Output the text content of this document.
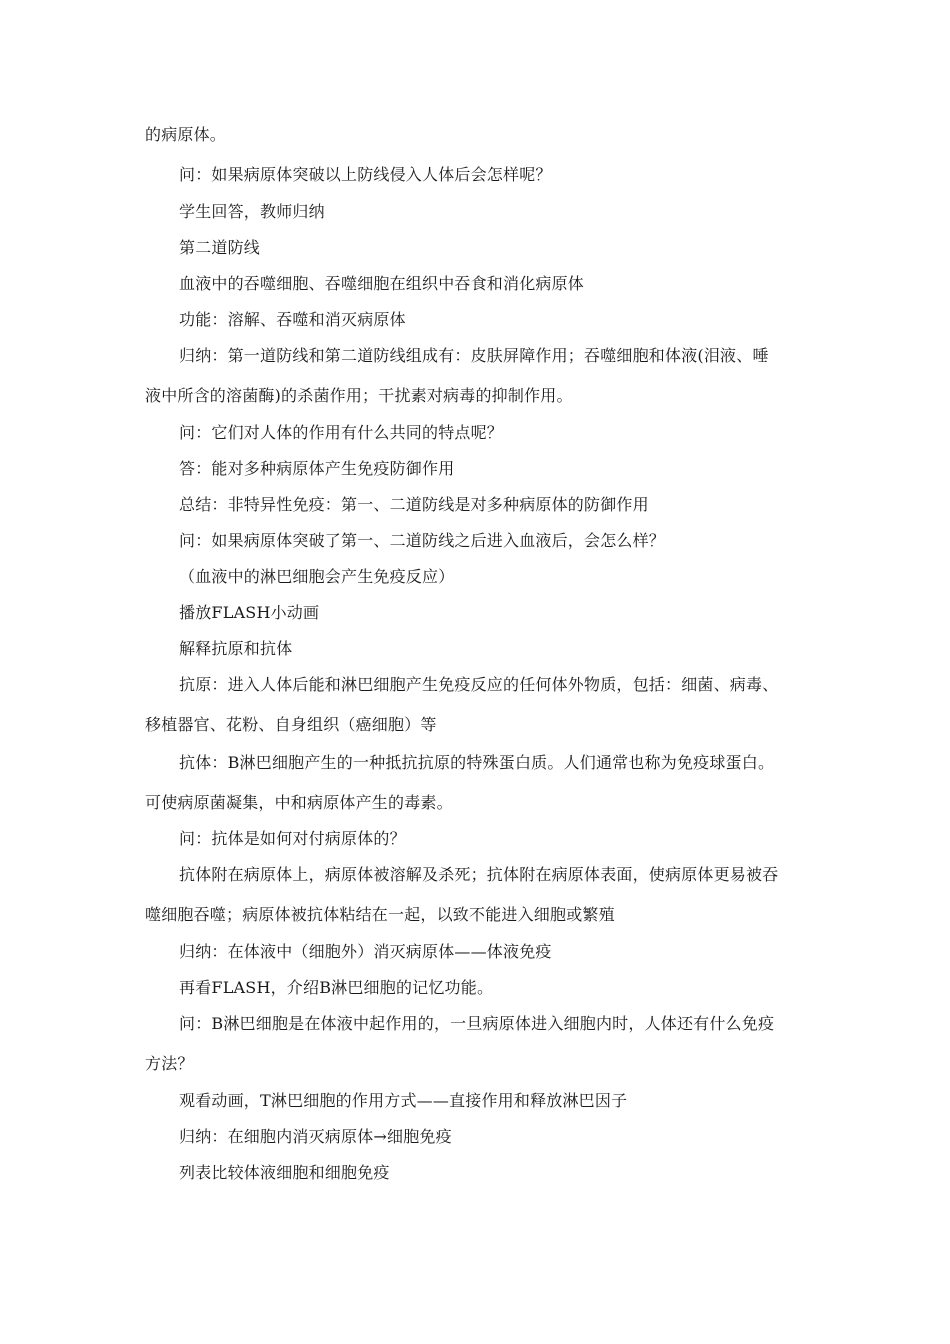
的病原体。
问：如果病原体突破以上防线侵入人体后会怎样呢？
学生回答，教师归纳
第二道防线
血液中的吞噬细胞、吞噬细胞在组织中吞食和消化病原体
功能：溶解、吞噬和消灭病原体
归纳：第一道防线和第二道防线组成有：皮肤屏障作用；吞噬细胞和体液(泪液、唾
液中所含的溶菌酶)的杀菌作用；干扰素对病毒的抑制作用。
问：它们对人体的作用有什么共同的特点呢？
答：能对多种病原体产生免疫防御作用
总结：非特异性免疫：第一、二道防线是对多种病原体的防御作用
问：如果病原体突破了第一、二道防线之后进入血液后，会怎么样？
（血液中的淋巴细胞会产生免疫反应）
播放FLASH小动画
解释抗原和抗体
抗原：进入人体后能和淋巴细胞产生免疫反应的任何体外物质，包括：细菌、病毒、
移植器官、花粉、自身组织（癌细胞）等
抗体：B淋巴细胞产生的一种抵抗抗原的特殊蛋白质。人们通常也称为免疫球蛋白。
可使病原菌凝集，中和病原体产生的毒素。
问：抗体是如何对付病原体的？
抗体附在病原体上，病原体被溶解及杀死；抗体附在病原体表面，使病原体更易被吞
噬细胞吞噬；病原体被抗体粘结在一起，以致不能进入细胞或繁殖
归纳：在体液中（细胞外）消灭病原体——体液免疫
再看FLASH，介绍B淋巴细胞的记忆功能。
问：B淋巴细胞是在体液中起作用的，一旦病原体进入细胞内时，人体还有什么免疫
方法？
观看动画，T淋巴细胞的作用方式——直接作用和释放淋巴因子
归纳：在细胞内消灭病原体→细胞免疫
列表比较体液细胞和细胞免疫
